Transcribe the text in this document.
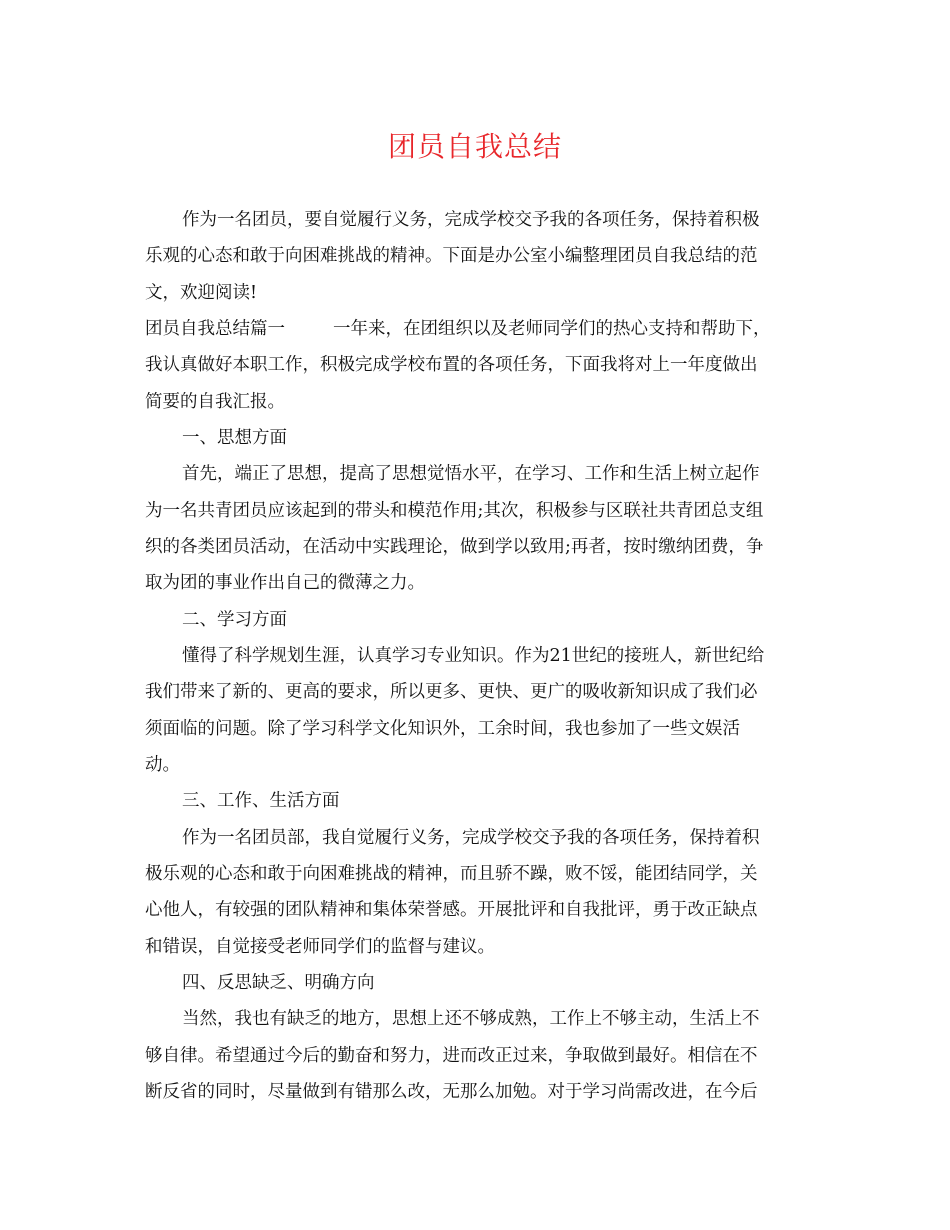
团员自我总结
作为一名团员，要自觉履行义务，完成学校交予我的各项任务，保持着积极
乐观的心态和敢于向困难挑战的精神。下面是办公室小编整理团员自我总结的范
文，欢迎阅读!
团员自我总结篇一	一年来，在团组织以及老师同学们的热心支持和帮助下，
我认真做好本职工作，积极完成学校布置的各项任务，下面我将对上一年度做出
简要的自我汇报。
一、思想方面
首先，端正了思想，提高了思想觉悟水平，在学习、工作和生活上树立起作
为一名共青团员应该起到的带头和模范作用;其次，积极参与区联社共青团总支组
织的各类团员活动，在活动中实践理论，做到学以致用;再者，按时缴纳团费，争
取为团的事业作出自己的微薄之力。
二、学习方面
懂得了科学规划生涯，认真学习专业知识。作为21世纪的接班人，新世纪给
我们带来了新的、更高的要求，所以更多、更快、更广的吸收新知识成了我们必
须面临的问题。除了学习科学文化知识外，工余时间，我也参加了一些文娱活
动。
三、工作、生活方面
作为一名团员部，我自觉履行义务，完成学校交予我的各项任务，保持着积
极乐观的心态和敢于向困难挑战的精神，而且骄不躁，败不馁，能团结同学，关
心他人，有较强的团队精神和集体荣誉感。开展批评和自我批评，勇于改正缺点
和错误，自觉接受老师同学们的监督与建议。
四、反思缺乏、明确方向
当然，我也有缺乏的地方，思想上还不够成熟，工作上不够主动，生活上不
够自律。希望通过今后的勤奋和努力，进而改正过来，争取做到最好。相信在不
断反省的同时，尽量做到有错那么改，无那么加勉。对于学习尚需改进，在今后
